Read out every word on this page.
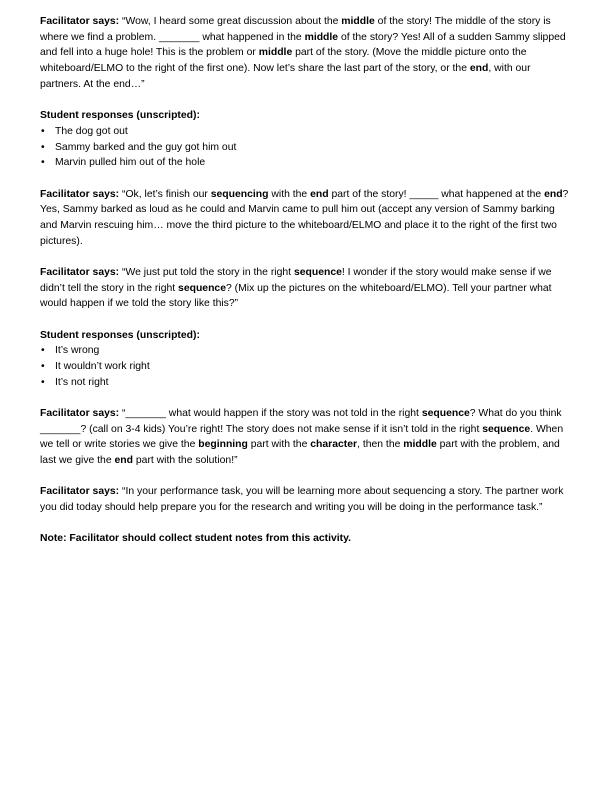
Facilitator says: “Wow, I heard some great discussion about the middle of the story! The middle of the story is where we find a problem. _______ what happened in the middle of the story? Yes! All of a sudden Sammy slipped and fell into a huge hole! This is the problem or middle part of the story. (Move the middle picture onto the whiteboard/ELMO to the right of the first one). Now let’s share the last part of the story, or the end, with our partners. At the end…”

Student responses (unscripted):
• The dog got out
• Sammy barked and the guy got him out
• Marvin pulled him out of the hole

Facilitator says: “Ok, let’s finish our sequencing with the end part of the story! _____ what happened at the end? Yes, Sammy barked as loud as he could and Marvin came to pull him out (accept any version of Sammy barking and Marvin rescuing him… move the third picture to the whiteboard/ELMO and place it to the right of the first two pictures).

Facilitator says: “We just put told the story in the right sequence! I wonder if the story would make sense if we didn’t tell the story in the right sequence? (Mix up the pictures on the whiteboard/ELMO). Tell your partner what would happen if we told the story like this?”

Student responses (unscripted):
• It’s wrong
• It wouldn’t work right
• It’s not right

Facilitator says: “_______ what would happen if the story was not told in the right sequence? What do you think _______? (call on 3-4 kids) You’re right! The story does not make sense if it isn’t told in the right sequence. When we tell or write stories we give the beginning part with the character, then the middle part with the problem, and last we give the end part with the solution!”

Facilitator says: “In your performance task, you will be learning more about sequencing a story. The partner work you did today should help prepare you for the research and writing you will be doing in the performance task.”

Note: Facilitator should collect student notes from this activity.
